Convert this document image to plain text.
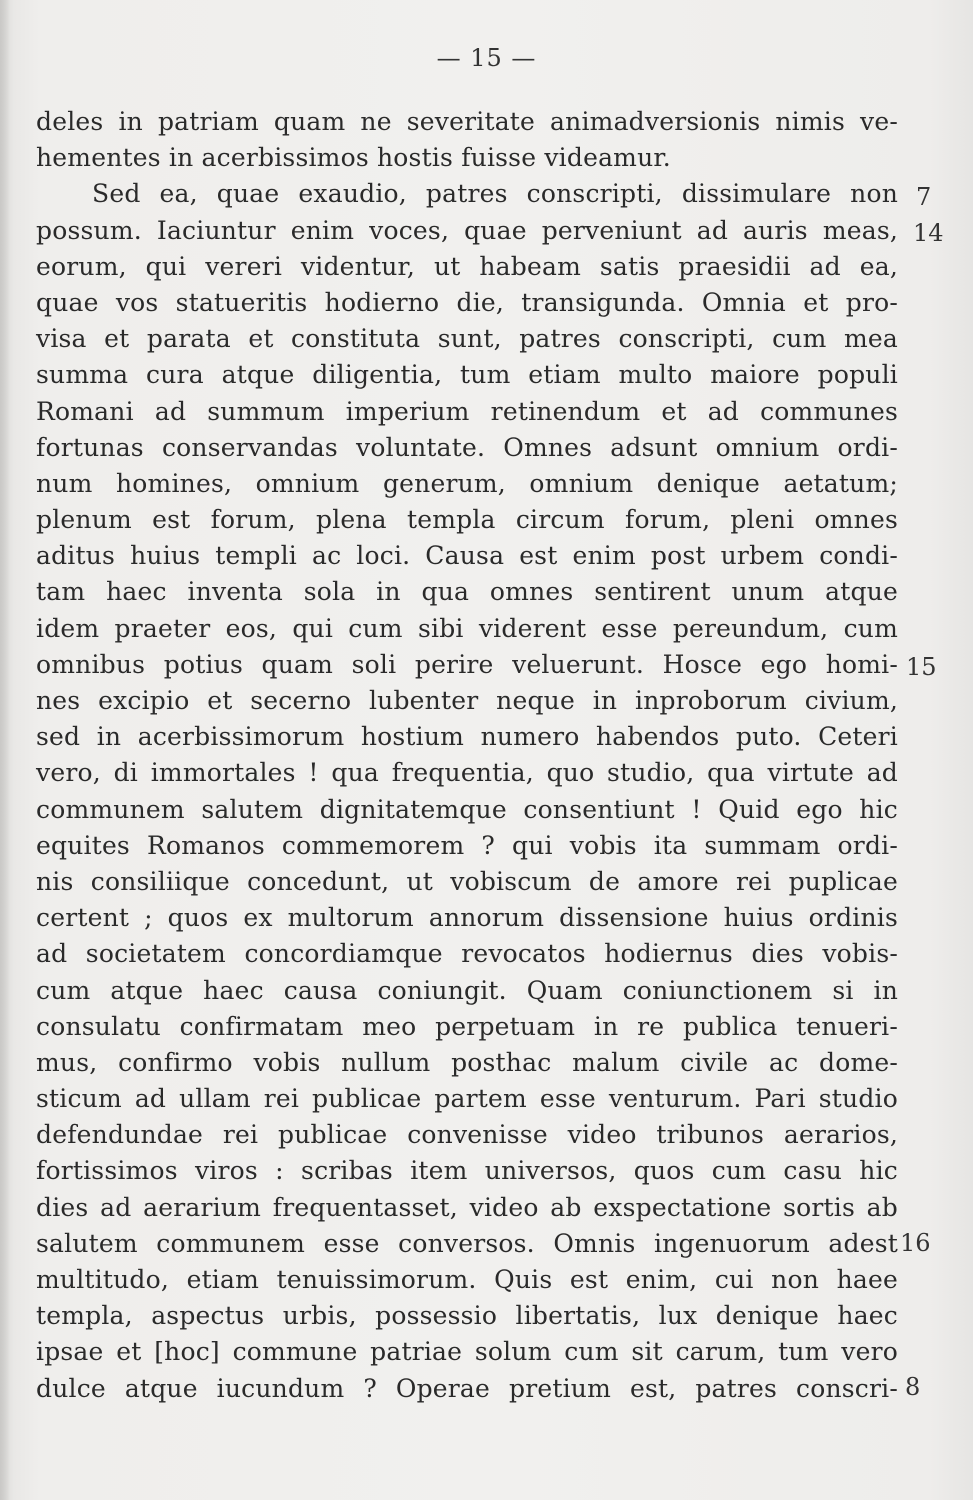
— 15 —
deles in patriam quam ne severitate animadversionis nimis ve-
hementes in acerbissimos hostis fuisse videamur.
Sed ea, quae exaudio, patres conscripti, dissimulare non
possum. Iaciuntur enim voces, quae perveniunt ad auris meas,
eorum, qui vereri videntur, ut habeam satis praesidii ad ea,
quae vos statueritis hodierno die, transigunda. Omnia et pro-
visa et parata et constituta sunt, patres conscripti, cum mea
summa cura atque diligentia, tum etiam multo maiore populi
Romani ad summum imperium retinendum et ad communes
fortunas conservandas voluntate. Omnes adsunt omnium ordi-
num homines, omnium generum, omnium denique aetatum;
plenum est forum, plena templa circum forum, pleni omnes
aditus huius templi ac loci. Causa est enim post urbem condi-
tam haec inventa sola in qua omnes sentirent unum atque
idem praeter eos, qui cum sibi viderent esse pereundum, cum
omnibus potius quam soli perire veluerunt. Hosce ego homi-
nes excipio et secerno lubenter neque in inproborum civium,
sed in acerbissimorum hostium numero habendos puto. Ceteri
vero, di immortales ! qua frequentia, quo studio, qua virtute ad
communem salutem dignitatemque consentiunt ! Quid ego hic
equites Romanos commemorem ? qui vobis ita summam ordi-
nis consiliique concedunt, ut vobiscum de amore rei puplicae
certent ; quos ex multorum annorum dissensione huius ordinis
ad societatem concordiamque revocatos hodiernus dies vobis-
cum atque haec causa coniungit. Quam coniunctionem si in
consulatu confirmatam meo perpetuam in re publica tenueri-
mus, confirmo vobis nullum posthac malum civile ac dome-
sticum ad ullam rei publicae partem esse venturum. Pari studio
defendundae rei publicae convenisse video tribunos aerarios,
fortissimos viros : scribas item universos, quos cum casu hic
dies ad aerarium frequentasset, video ab exspectatione sortis ab
salutem communem esse conversos. Omnis ingenuorum adest
multitudo, etiam tenuissimorum. Quis est enim, cui non haee
templa, aspectus urbis, possessio libertatis, lux denique haec
ipsae et [hoc] commune patriae solum cum sit carum, tum vero
dulce atque iucundum ? Operae pretium est, patres conscri-
7
14
15
16
8
